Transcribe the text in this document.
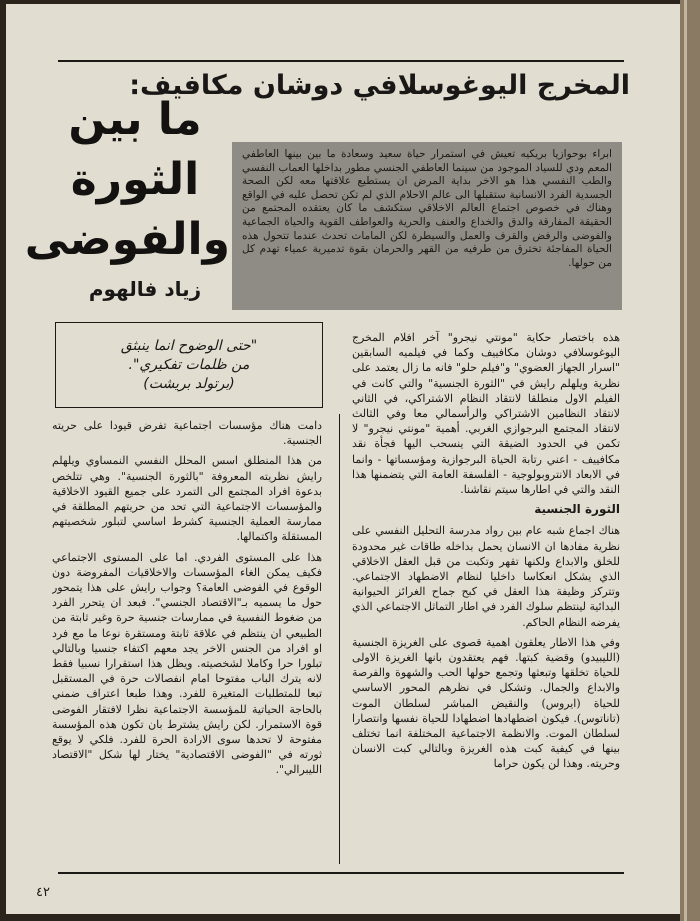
المخرج اليوغوسلافي دوشان مكافيف:
ما بين
الثورة
والفوضى
زياد فالهوم

ابراء بوحوازيا بريكيه تعيش في استمرار حياة سعيد وسعادة ما بين بينها العاطفي المعم ودي للسياد الموجود من سينما العاطفي الجنسي مطور بداخلها العماب النفسي والطب النفسي هذا هو الاخر بداية المرض ان يستطيع علاقتها معه لكن الصحة الجسدية الفرد الانسانية ستقبلها الى عالم الاحلام الذي لم تكن تحصل عليه في الواقع وهناك في خصوص اجتماع العالم الاخلاقي ستكشف ما كان يعتقده المجتمع من الحقيقة المفارقة والدق والخداع والعنف والحرية والعواطف القوية والحياة الجماعية والفوضى والرفض والقرف والعمل والسيطرة لكن المامات تحدث عندما تتحول هذه الحياة المفاجئة تخترق من طرفيه من القهر والحرمان بقوة تدميرية عمياء تهدم كل من حولها.

"حتى الوضوح انما ينبثق
من ظلمات تفكيري".
(برتولد بريشت)

هذه باختصار حكاية "مونتي نيجرو" آخر افلام المخرج اليوغوسلافي دوشان مكافييف وكما في فيلميه السابقين "اسرار الجهاز العضوي" و"فيلم حلو" فانه ما زال يعتمد على نظرية ويلهلم رايش في "الثورة الجنسية" والتي كانت في الفيلم الاول منطلقا لانتقاد النظام الاشتراكي، في الثاني لانتقاد النظامين الاشتراكي والرأسمالي معا وفي الثالث لانتقاد المجتمع البرجوازي الغربي. أهمية "مونتي نيجرو" لا تكمن في الحدود الضيقة التي ينسحب اليها فجأة نقد مكافييف - اعني رتابة الحياة البرجوازية ومؤسساتها - وانما في الابعاد الانتروبولوجية - الفلسفة العامة التي يتضمنها هذا النقد والتي في اطارها سيتم نقاشنا.

الثورة الجنسية

هناك اجماع شبه عام بين رواد مدرسة التحليل النفسي على نظرية مفادها ان الانسان يحمل بداخله طاقات غير محدودة للخلق والابداع ولكنها تقهر وتكبت من قبل العقل الاخلاقي الذي يشكل انعكاسا داخليا لنظام الاضطهاد الاجتماعي. وتتركز وظيفة هذا العقل في كبح جماح الغرائز الحيوانية البدائية لينتظم سلوك الفرد في اطار التماثل الاجتماعي الذي يفرضه النظام الحاكم.

وفي هذا الاطار يعلقون اهمية قصوى على الغريزة الجنسية (الليبيدو) وقضية كبتها. فهم يعتقدون بانها الغريزة الاولى للحياة تخلقها وتبعثها وتجمع حولها الحب والشهوة والفرصة والابداع والجمال. وتشكل في نظرهم المحور الاساسي للحياة (ايروس) والنقيض المباشر لسلطان الموت (تاناتوس). فيكون اضطهادها اضطهادا للحياة نفسها وانتصارا لسلطان الموت. والانظمة الاجتماعية المختلفة انما تختلف بينها في كيفية كبت هذه الغريزة وبالتالي كبت الانسان وحريته. وهذا لن يكون حراما

دامت هناك مؤسسات اجتماعية تفرض قيودا على حريته الجنسية.

من هذا المنطلق اسس المحلل النفسي النمساوي ويلهلم رايش نظريته المعروفة "بالثورة الجنسية". وهي تتلخص بدعوة افراد المجتمع الى التمرد على جميع القيود الاخلاقية والمؤسسات الاجتماعية التي تحد من حريتهم المطلقة في ممارسة العملية الجنسية كشرط اساسي لتبلور شخصيتهم المستقلة واكتمالها.

هذا على المستوى الفردي. اما على المستوى الاجتماعي فكيف يمكن الغاء المؤسسات والاخلاقيات المفروضة دون الوقوع في الفوضى العامة؟ وجواب رايش على هذا يتمحور حول ما يسميه بـ"الاقتصاد الجنسي". فبعد ان يتحرر الفرد من ضغوط النفسية في ممارسات جنسية حرة وغير ثابتة من الطبيعي ان ينتظم في علاقة ثابتة ومستقرة نوعا ما مع فرد او افراد من الجنس الاخر يجد معهم اكتفاء جنسيا وبالتالي تبلورا حرا وكاملا لشخصيته. ويظل هذا استقرارا نسبيا فقط لانه يترك الباب مفتوحا امام انفصالات حرة في المستقبل تبعا للمتطلبات المتغيرة للفرد. وهذا طبعا اعتراف ضمني بالحاجة الحياتية للمؤسسة الاجتماعية نظرا لافتقار الفوضى قوة الاستمرار. لكن رايش يشترط بان تكون هذه المؤسسة مفتوحة لا تحدها سوى الارادة الحرة للفرد. فلكي لا يوقع ثورته في "الفوضى الاقتصادية" يختار لها شكل "الاقتصاد الليبرالي".

٤٢
